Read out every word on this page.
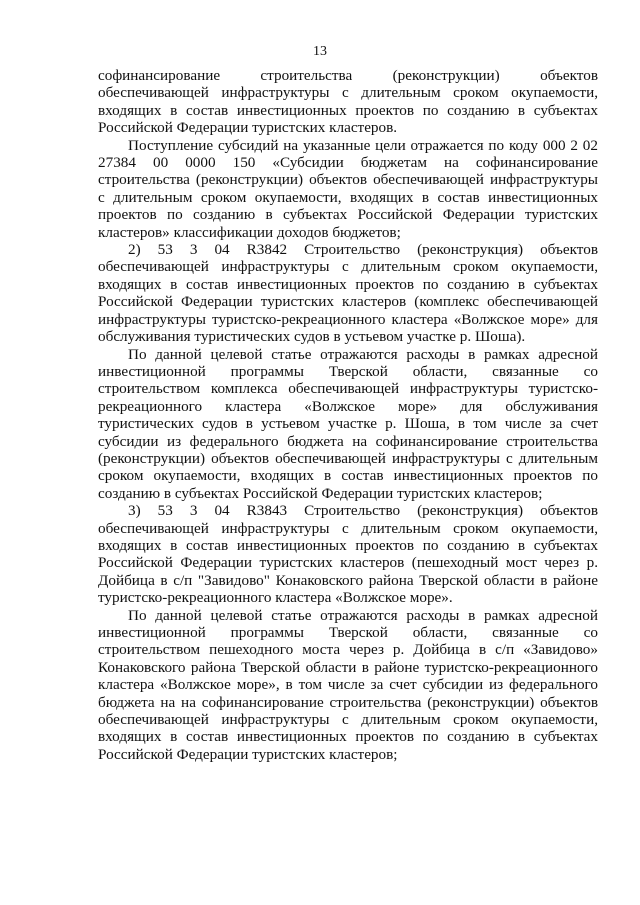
13

софинансирование строительства (реконструкции) объектов обеспечивающей инфраструктуры с длительным сроком окупаемости, входящих в состав инвестиционных проектов по созданию в субъектах Российской Федерации туристских кластеров.

Поступление субсидий на указанные цели отражается по коду 000 2 02 27384 00 0000 150 «Субсидии бюджетам на софинансирование строительства (реконструкции) объектов обеспечивающей инфраструктуры с длительным сроком окупаемости, входящих в состав инвестиционных проектов по созданию в субъектах Российской Федерации туристских кластеров» классификации доходов бюджетов;

2) 53 3 04 R3842 Строительство (реконструкция) объектов обеспечивающей инфраструктуры с длительным сроком окупаемости, входящих в состав инвестиционных проектов по созданию в субъектах Российской Федерации туристских кластеров (комплекс обеспечивающей инфраструктуры туристско-рекреационного кластера «Волжское море» для обслуживания туристических судов в устьевом участке р. Шоша).

По данной целевой статье отражаются расходы в рамках адресной инвестиционной программы Тверской области, связанные со строительством комплекса обеспечивающей инфраструктуры туристско-рекреационного кластера «Волжское море» для обслуживания туристических судов в устьевом участке р. Шоша, в том числе за счет субсидии из федерального бюджета на софинансирование строительства (реконструкции) объектов обеспечивающей инфраструктуры с длительным сроком окупаемости, входящих в состав инвестиционных проектов по созданию в субъектах Российской Федерации туристских кластеров;

3) 53 3 04 R3843 Строительство (реконструкция) объектов обеспечивающей инфраструктуры с длительным сроком окупаемости, входящих в состав инвестиционных проектов по созданию в субъектах Российской Федерации туристских кластеров (пешеходный мост через р. Дойбица в с/п "Завидово" Конаковского района Тверской области в районе туристско-рекреационного кластера «Волжское море».

По данной целевой статье отражаются расходы в рамках адресной инвестиционной программы Тверской области, связанные со строительством пешеходного моста через р. Дойбица в с/п «Завидово» Конаковского района Тверской области в районе туристско-рекреационного кластера «Волжское море», в том числе за счет субсидии из федерального бюджета на на софинансирование строительства (реконструкции) объектов обеспечивающей инфраструктуры с длительным сроком окупаемости, входящих в состав инвестиционных проектов по созданию в субъектах Российской Федерации туристских кластеров;
